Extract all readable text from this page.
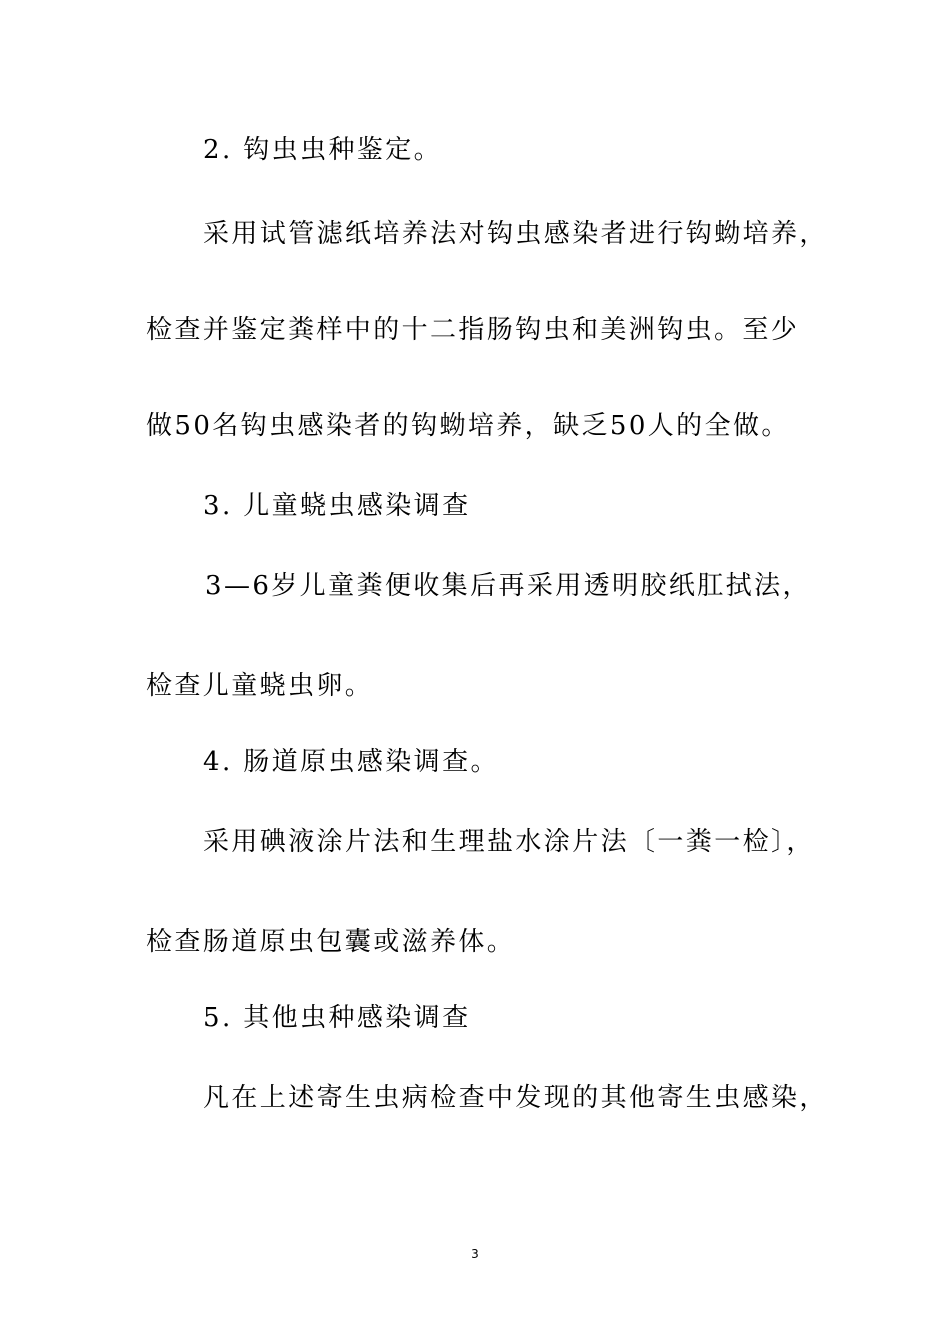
2. 钩虫虫种鉴定。
采用试管滤纸培养法对钩虫感染者进行钩蚴培养，
检查并鉴定粪样中的十二指肠钩虫和美洲钩虫。至少
做50名钩虫感染者的钩蚴培养，缺乏50人的全做。
3. 儿童蛲虫感染调查
3—6岁儿童粪便收集后再采用透明胶纸肛拭法，
检查儿童蛲虫卵。
4. 肠道原虫感染调查。
采用碘液涂片法和生理盐水涂片法〔一粪一检〕，
检查肠道原虫包囊或滋养体。
5. 其他虫种感染调查
凡在上述寄生虫病检查中发现的其他寄生虫感染，
3
